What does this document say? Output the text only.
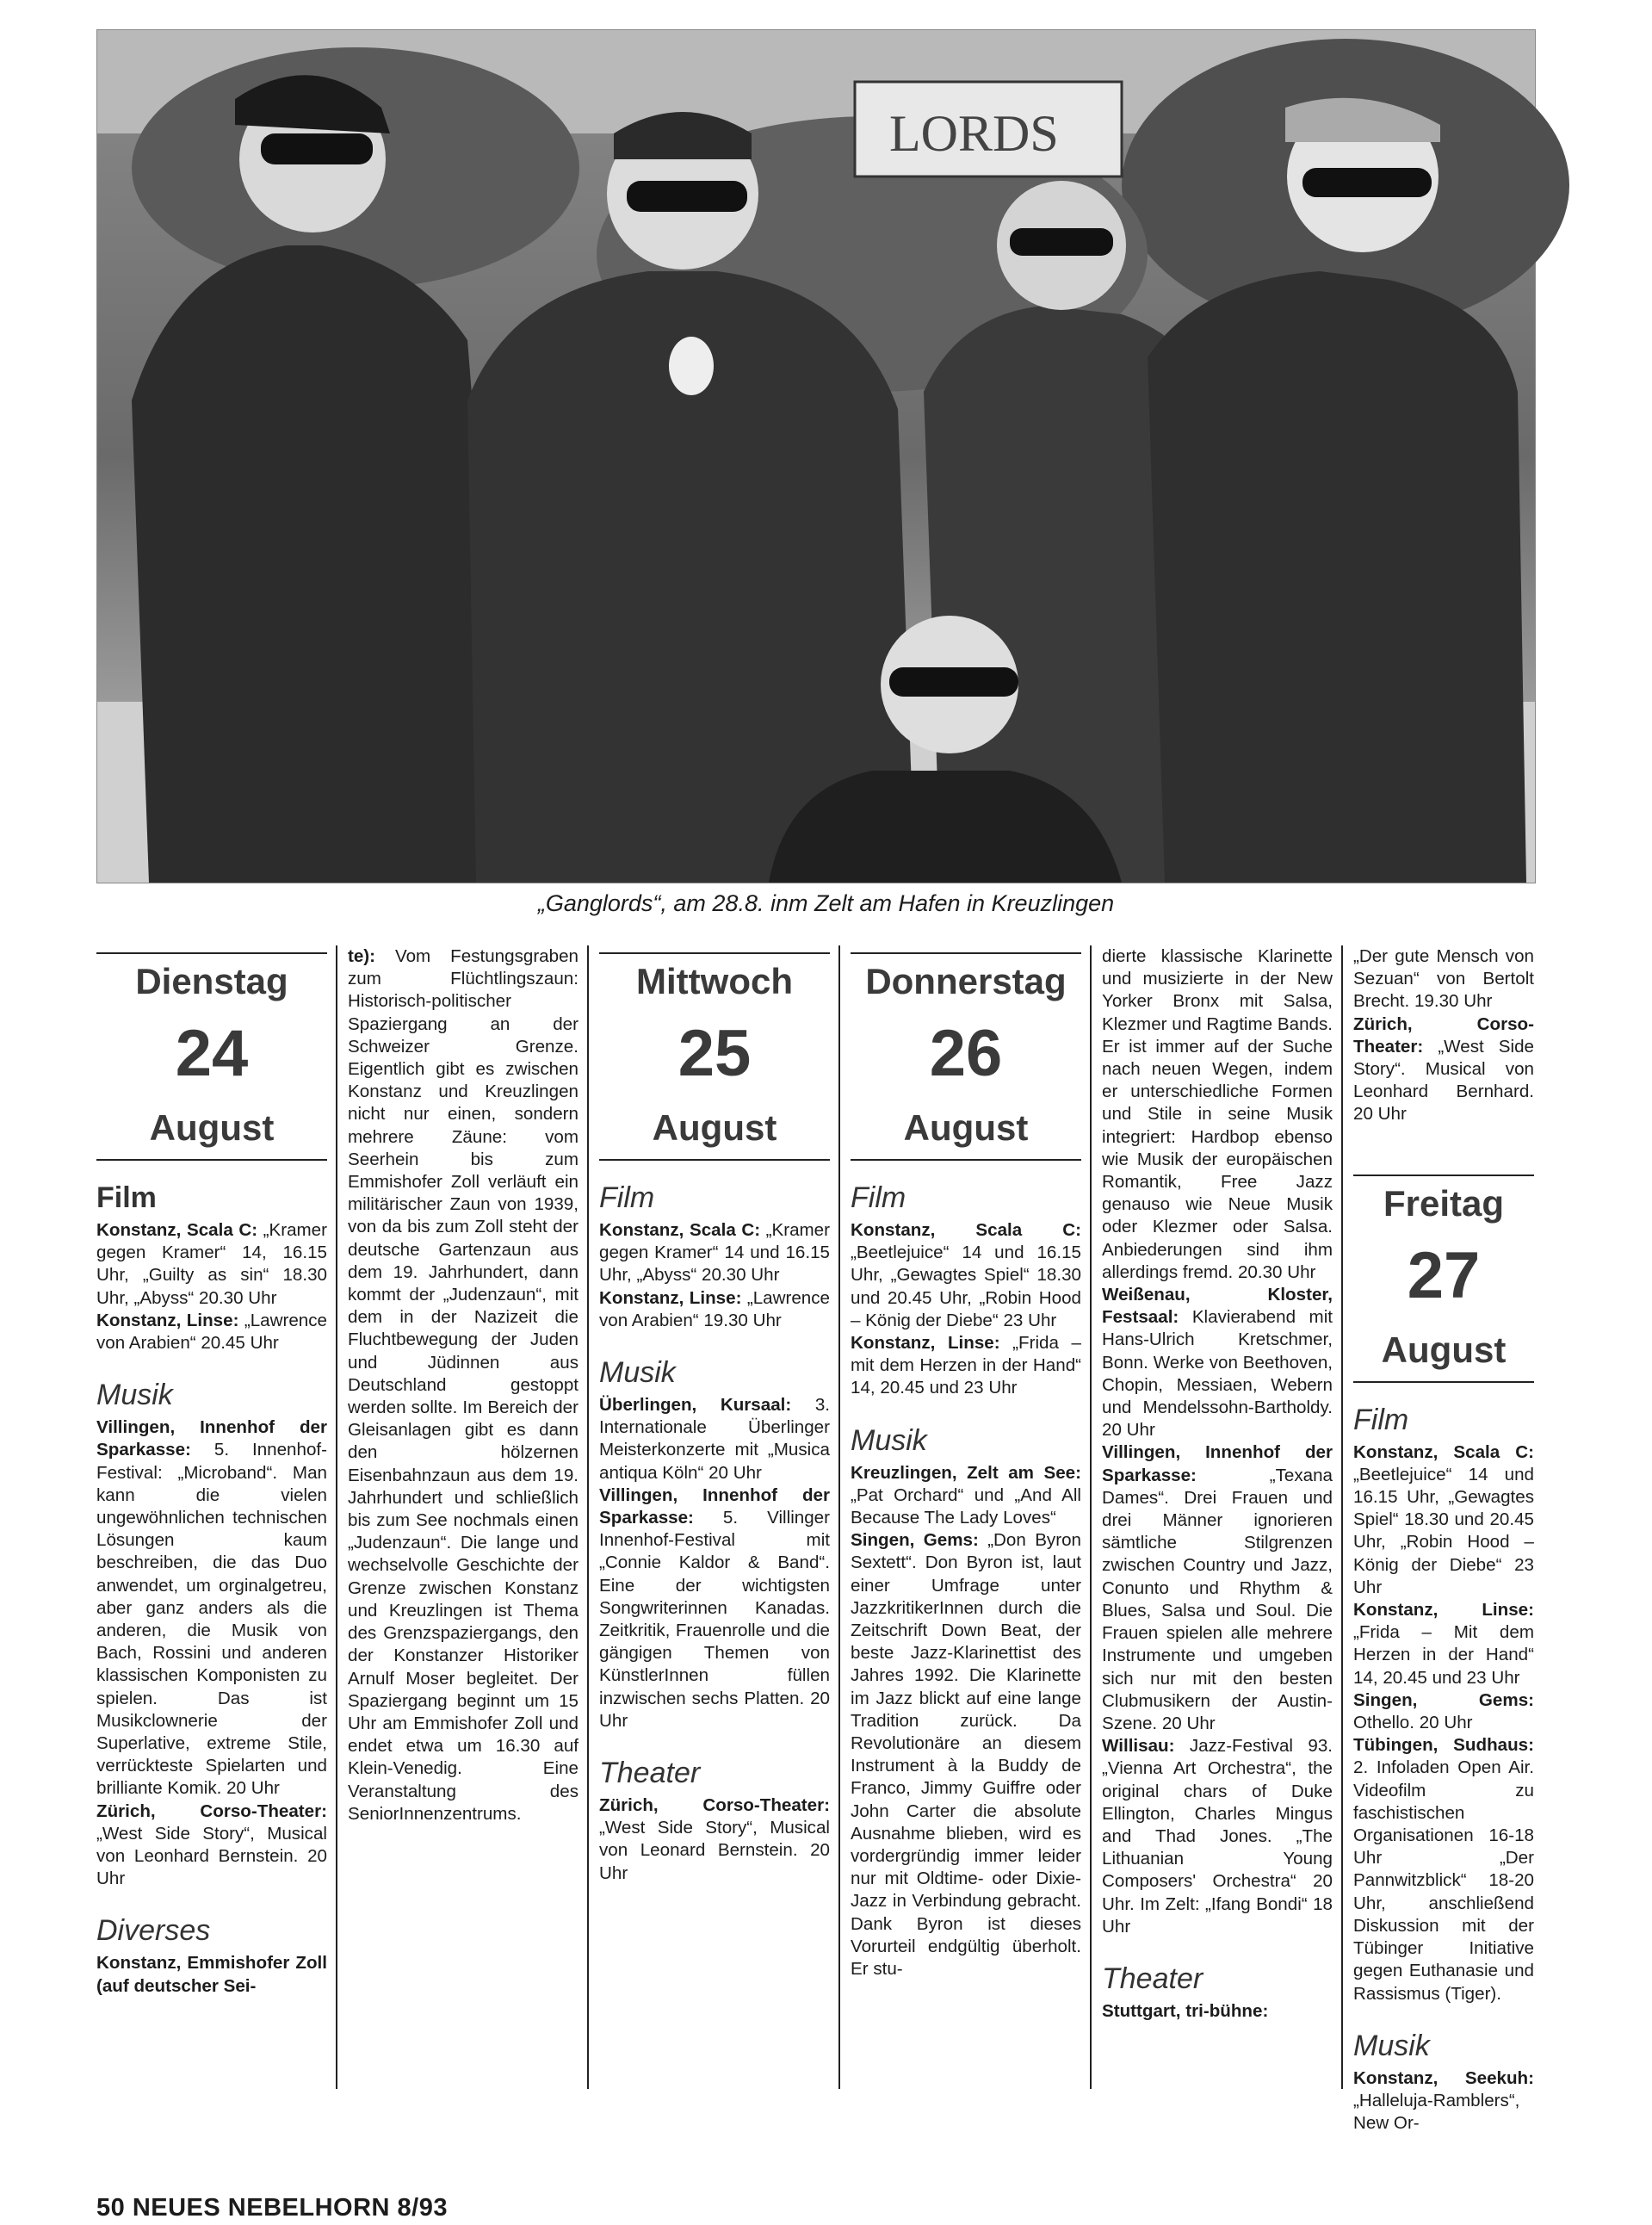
LORDS
„Ganglords“, am 28.8. inm Zelt am Hafen in Kreuzlingen
Dienstag
24
August
Film

Konstanz, Scala C: „Kramer gegen Kramer“ 14, 16.15 Uhr, „Guilty as sin“ 18.30 Uhr, „Abyss“ 20.30 Uhr

Konstanz, Linse: „Lawrence von Arabien“ 20.45 Uhr

Musik

Villingen, Innenhof der Sparkasse: 5. Innenhof-Festival: „Microband“. Man kann die vielen ungewöhnlichen technischen Lösungen kaum beschreiben, die das Duo anwendet, um orginalgetreu, aber ganz anders als die anderen, die Musik von Bach, Rossini und anderen klassischen Komponisten zu spielen. Das ist Musikclownerie der Superlative, extreme Stile, verrückteste Spielarten und brilliante Komik. 20 Uhr

Zürich, Corso-Theater: „West Side Story“, Musical von Leonhard Bernstein. 20 Uhr

Diverses

Konstanz, Emmishofer Zoll (auf deutscher Sei-

te): Vom Festungsgraben zum Flüchtlingszaun: Historisch-politischer Spaziergang an der Schweizer Grenze. Eigentlich gibt es zwischen Konstanz und Kreuzlingen nicht nur einen, sondern mehrere Zäune: vom Seerhein bis zum Emmishofer Zoll verläuft ein militärischer Zaun von 1939, von da bis zum Zoll steht der deutsche Gartenzaun aus dem 19. Jahrhundert, dann kommt der „Judenzaun“, mit dem in der Nazizeit die Fluchtbewegung der Juden und Jüdinnen aus Deutschland gestoppt werden sollte. Im Bereich der Gleisanlagen gibt es dann den hölzernen Eisenbahnzaun aus dem 19. Jahrhundert und schließlich bis zum See nochmals einen „Judenzaun“. Die lange und wechselvolle Geschichte der Grenze zwischen Konstanz und Kreuzlingen ist Thema des Grenzspaziergangs, den der Konstanzer Historiker Arnulf Moser begleitet. Der Spaziergang beginnt um 15 Uhr am Emmishofer Zoll und endet etwa um 16.30 auf Klein-Venedig. Eine Veranstaltung des SeniorInnenzentrums.

Mittwoch
25
August
Film

Konstanz, Scala C: „Kramer gegen Kramer“ 14 und 16.15 Uhr, „Abyss“ 20.30 Uhr

Konstanz, Linse: „Lawrence von Arabien“ 19.30 Uhr

Musik

Überlingen, Kursaal: 3. Internationale Überlinger Meisterkonzerte mit „Musica antiqua Köln“ 20 Uhr

Villingen, Innenhof der Sparkasse: 5. Villinger Innenhof-Festival mit „Connie Kaldor & Band“. Eine der wichtigsten Songwriterinnen Kanadas. Zeitkritik, Frauenrolle und die gängigen Themen von KünstlerInnen füllen inzwischen sechs Platten. 20 Uhr

Theater

Zürich, Corso-Theater: „West Side Story“, Musical von Leonard Bernstein. 20 Uhr

Donnerstag
26
August
Film

Konstanz, Scala C: „Beetlejuice“ 14 und 16.15 Uhr, „Gewagtes Spiel“ 18.30 und 20.45 Uhr, „Robin Hood – König der Diebe“ 23 Uhr

Konstanz, Linse: „Frida – mit dem Herzen in der Hand“ 14, 20.45 und 23 Uhr

Musik

Kreuzlingen, Zelt am See: „Pat Orchard“ und „And All Because The Lady Loves“

Singen, Gems: „Don Byron Sextett“. Don Byron ist, laut einer Umfrage unter JazzkritikerInnen durch die Zeitschrift Down Beat, der beste Jazz-Klarinettist des Jahres 1992. Die Klarinette im Jazz blickt auf eine lange Tradition zurück. Da Revolutionäre an diesem Instrument à la Buddy de Franco, Jimmy Guiffre oder John Carter die absolute Ausnahme blieben, wird es vordergründig immer leider nur mit Oldtime- oder Dixie-Jazz in Verbindung gebracht. Dank Byron ist dieses Vorurteil endgültig überholt. Er stu-

dierte klassische Klarinette und musizierte in der New Yorker Bronx mit Salsa, Klezmer und Ragtime Bands. Er ist immer auf der Suche nach neuen Wegen, indem er unterschiedliche Formen und Stile in seine Musik integriert: Hardbop ebenso wie Musik der europäischen Romantik, Free Jazz genauso wie Neue Musik oder Klezmer oder Salsa. Anbiederungen sind ihm allerdings fremd. 20.30 Uhr

Weißenau, Kloster, Festsaal: Klavierabend mit Hans-Ulrich Kretschmer, Bonn. Werke von Beethoven, Chopin, Messiaen, Webern und Mendelssohn-Bartholdy. 20 Uhr

Villingen, Innenhof der Sparkasse: „Texana Dames“. Drei Frauen und drei Männer ignorieren sämtliche Stilgrenzen zwischen Country und Jazz, Conunto und Rhythm & Blues, Salsa und Soul. Die Frauen spielen alle mehrere Instrumente und umgeben sich nur mit den besten Clubmusikern der Austin-Szene. 20 Uhr

Willisau: Jazz-Festival 93. „Vienna Art Orchestra“, the original chars of Duke Ellington, Charles Mingus and Thad Jones. „The Lithuanian Young Composers' Orchestra“ 20 Uhr. Im Zelt: „Ifang Bondi“ 18 Uhr

Theater

Stuttgart, tri-bühne:

„Der gute Mensch von Sezuan“ von Bertolt Brecht. 19.30 Uhr

Zürich, Corso-Theater: „West Side Story“. Musical von Leonhard Bernhard. 20 Uhr

Freitag
27
August
Film

Konstanz, Scala C: „Beetlejuice“ 14 und 16.15 Uhr, „Gewagtes Spiel“ 18.30 und 20.45 Uhr, „Robin Hood – König der Diebe“ 23 Uhr

Konstanz, Linse: „Frida – Mit dem Herzen in der Hand“ 14, 20.45 und 23 Uhr

Singen, Gems: Othello. 20 Uhr

Tübingen, Sudhaus: 2. Infoladen Open Air. Videofilm zu faschistischen Organisationen 16-18 Uhr „Der Pannwitzblick“ 18-20 Uhr, anschließend Diskussion mit der Tübinger Initiative gegen Euthanasie und Rassismus (Tiger).

Musik

Konstanz, Seekuh: „Halleluja-Ramblers“, New Or-

50 NEUES NEBELHORN 8/93
